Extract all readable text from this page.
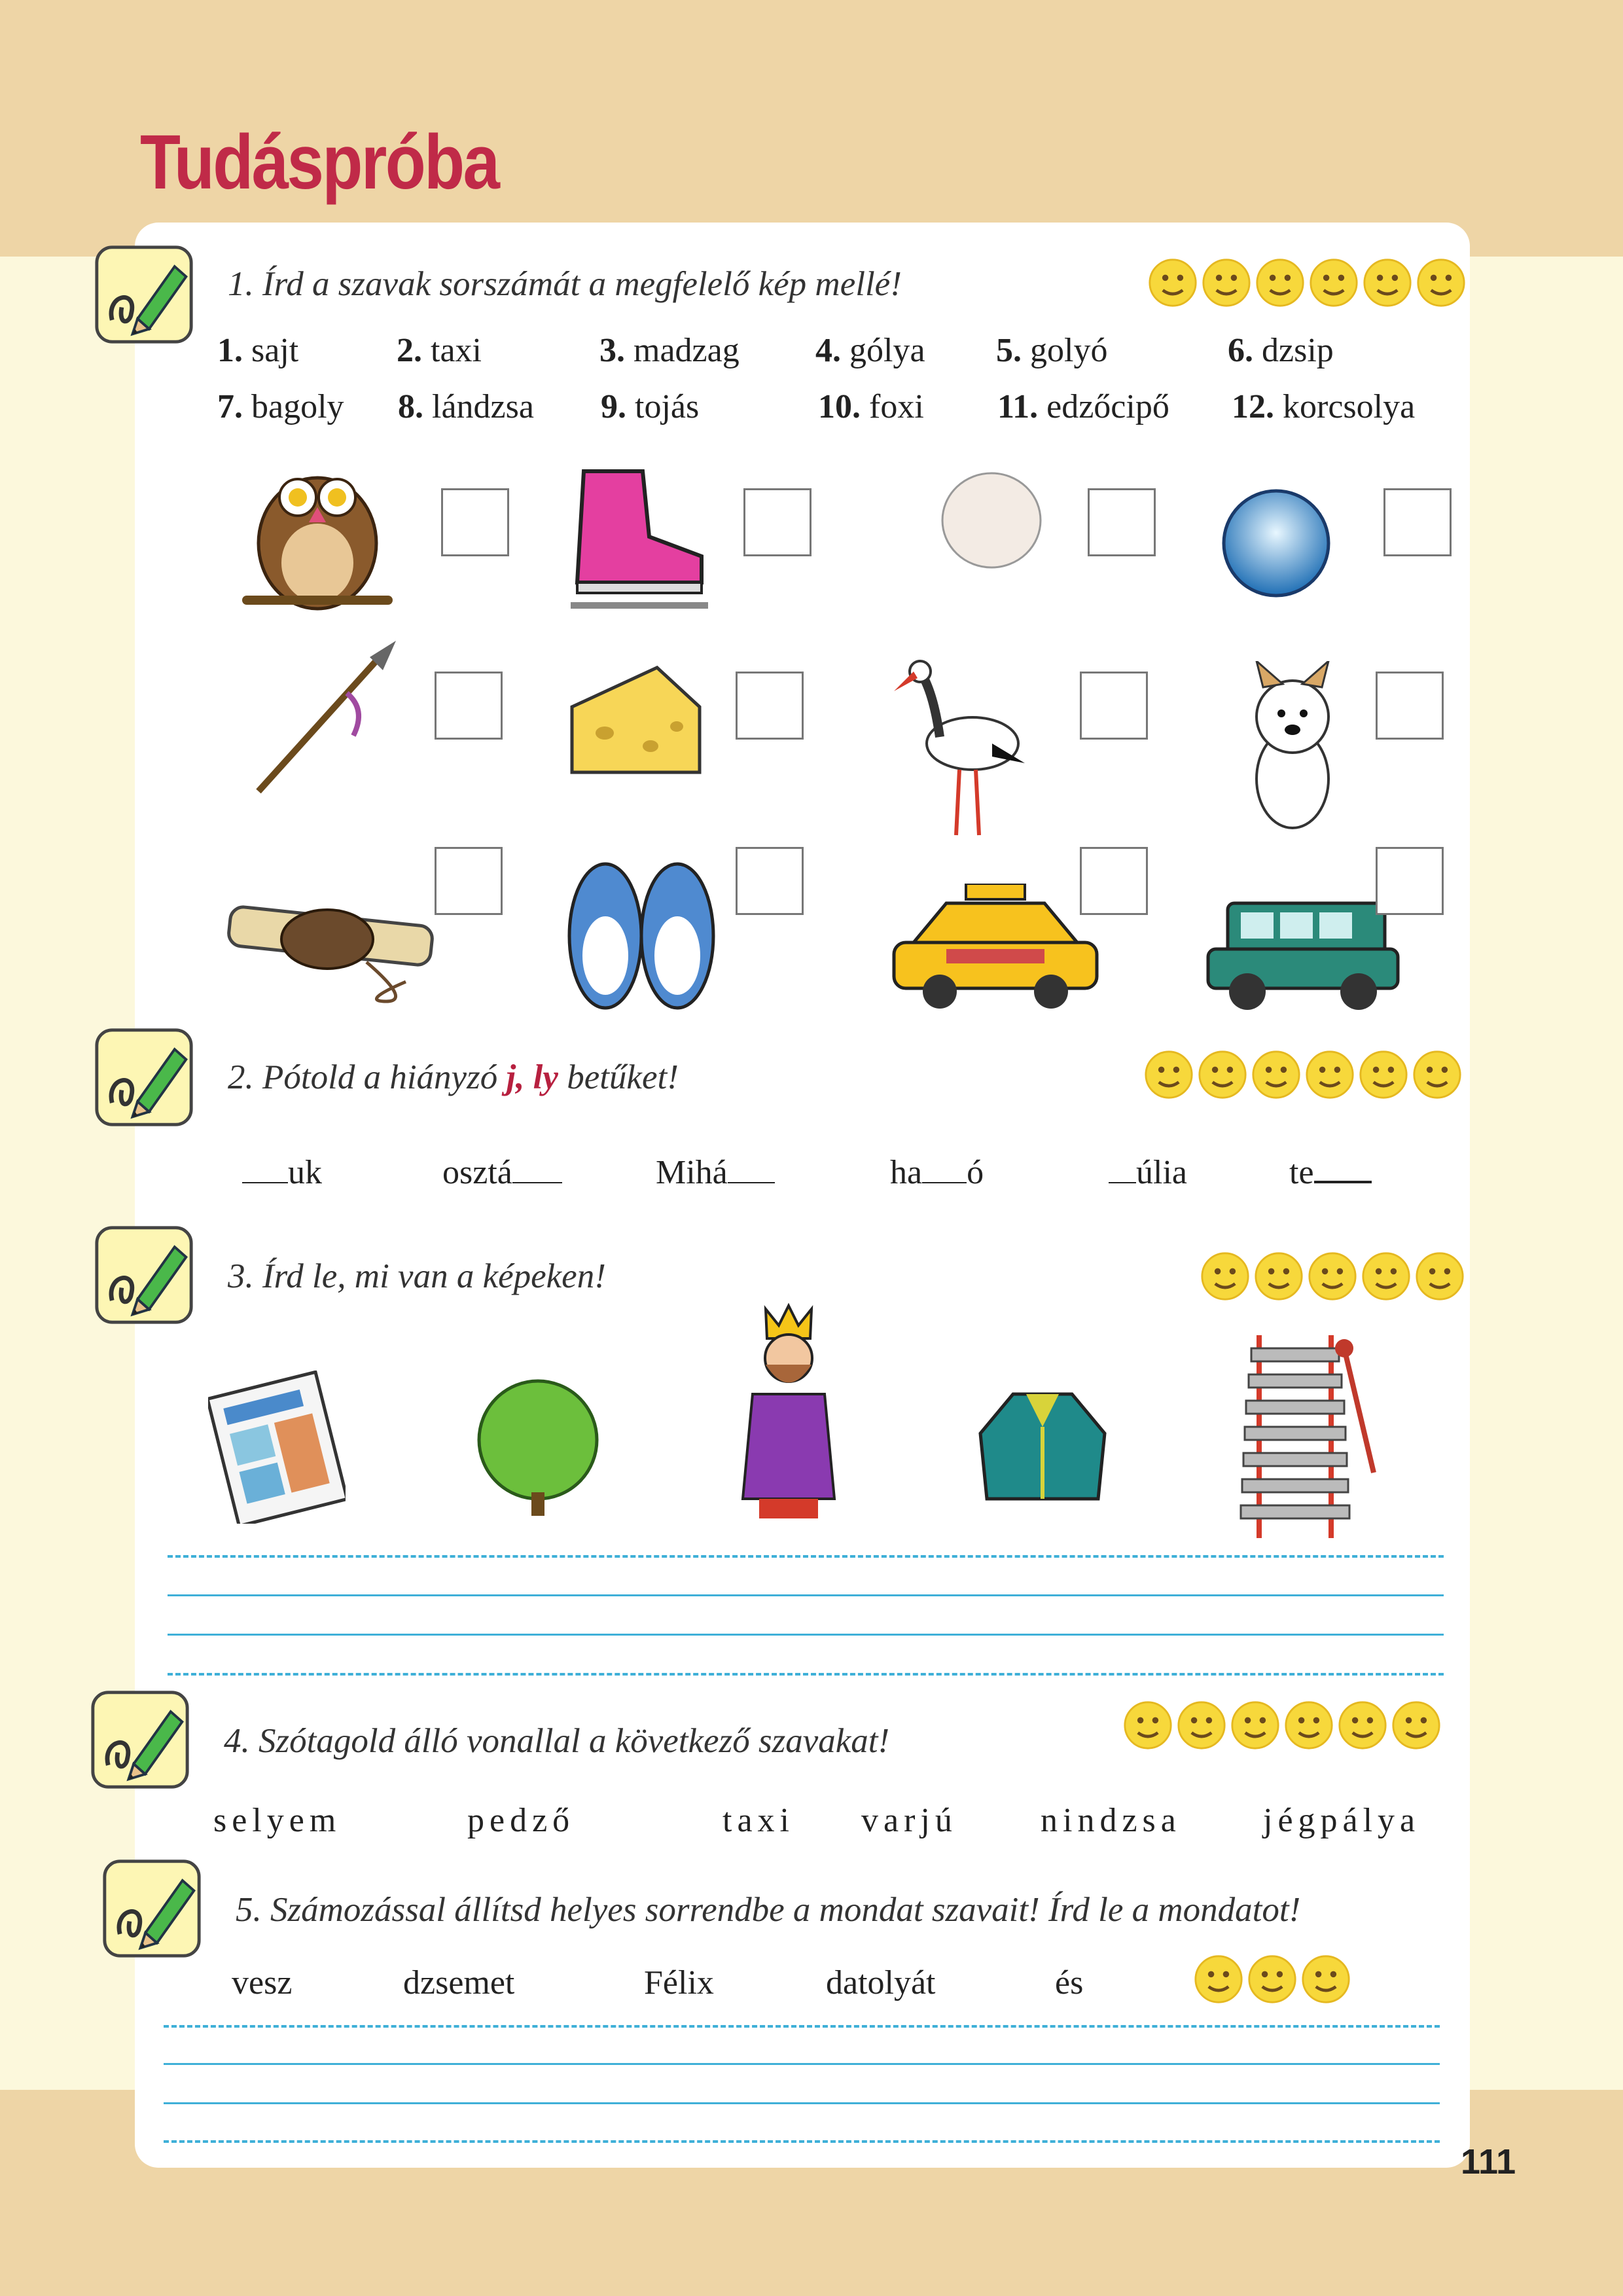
Tudáspróba
1. Írd a szavak sorszámát a megfelelő kép mellé!
1. sajt	2. taxi	3. madzag 4. gólya 5. golyó	6. dzsip
7. bagoly 8. lándzsa 9. tojás	10. foxi 11. edzőcipő 12. korcsolya
2. Pótold a hiányzó j, ly betűket!
uk	osztá	Mihá	ha ó	úlia	te
3. Írd le, mi van a képeken!
4. Szótagold álló vonallal a következő szavakat!
selyem	pedző	taxi varjú nindzsa jégpálya
5. Számozással állítsd helyes sorrendbe a mondat szavait! Írd le a mondatot!
vesz	dzsemet	Félix	datolyát	és
111
